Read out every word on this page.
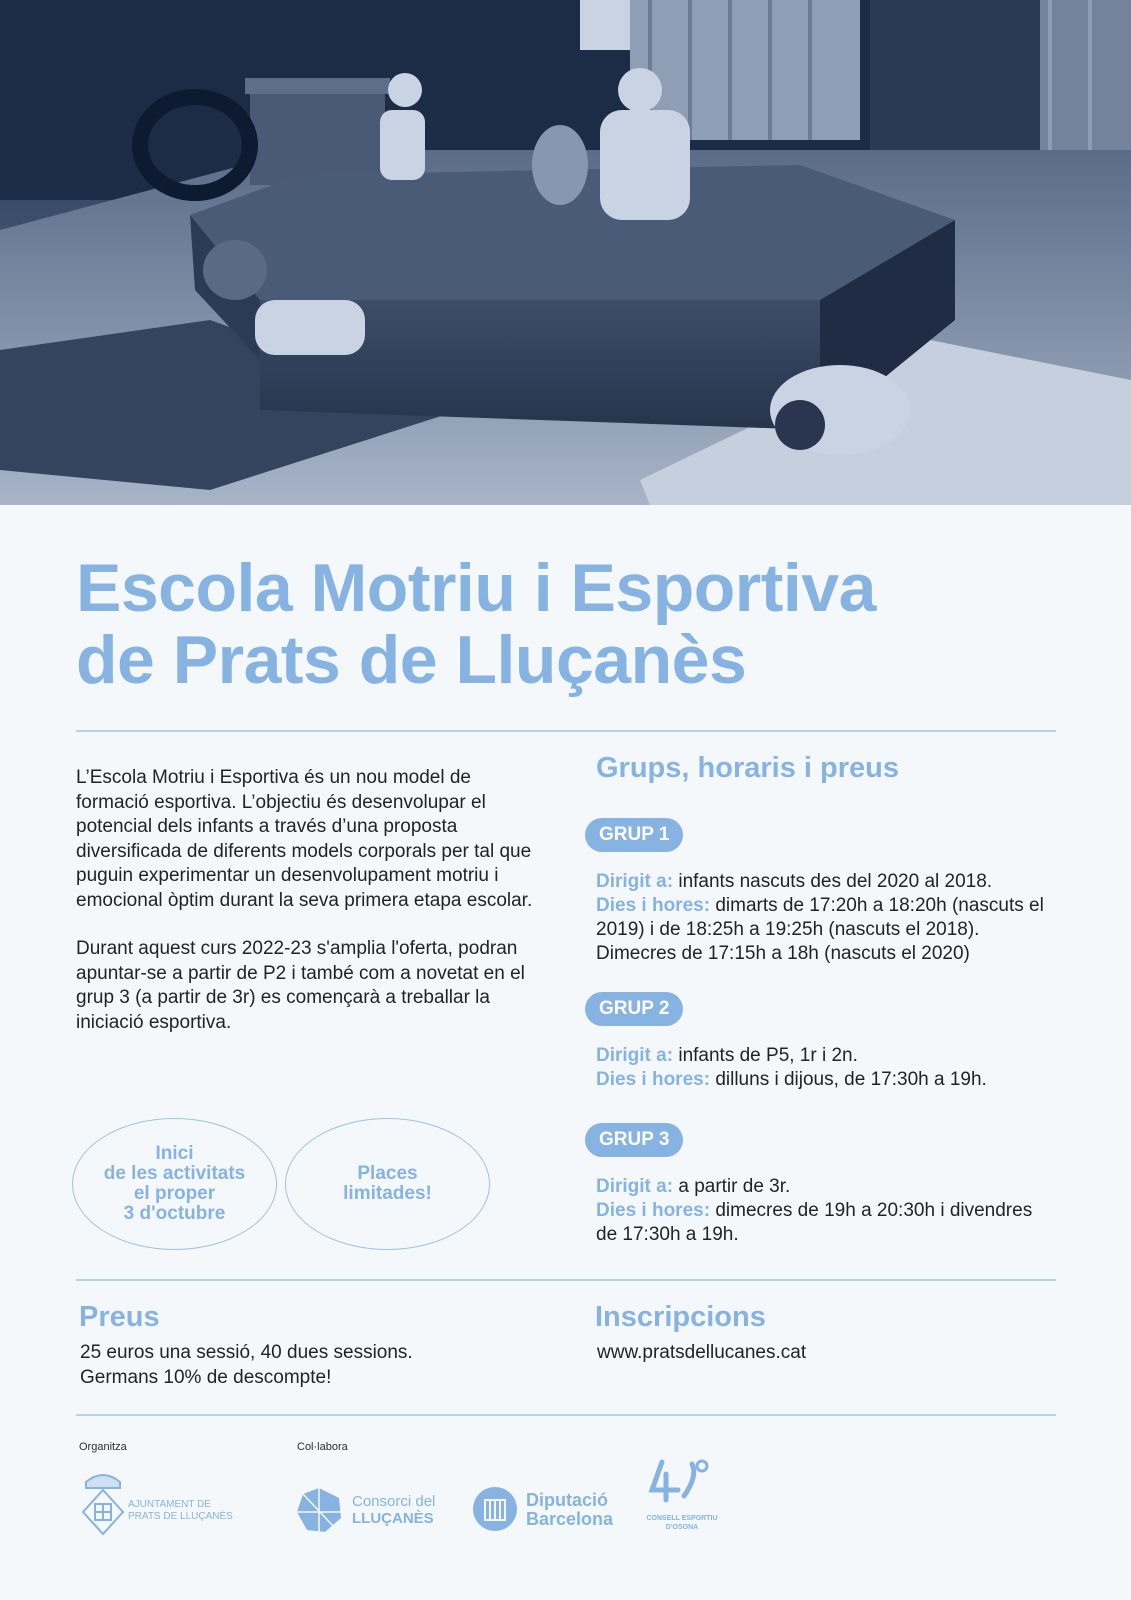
Escola Motriu i Esportiva
de Prats de Lluçanès

L’Escola Motriu i Esportiva és un nou model de formació esportiva. L’objectiu és desenvolupar el potencial dels infants a través d’una proposta diversificada de diferents models corporals per tal que puguin experimentar un desenvolupament motriu i emocional òptim durant la seva primera etapa escolar.

Durant aquest curs 2022-23 s'amplia l'oferta, podran apuntar-se a partir de P2 i també com a novetat en el grup 3 (a partir de 3r) es començarà a treballar la iniciació esportiva.

Inici
de les activitats
el proper
3 d'octubre
Places
limitades!
Grups, horaris i preus
GRUP 1
Dirigit a: infants nascuts des del 2020 al 2018.
Dies i hores: dimarts de 17:20h a 18:20h (nascuts el 2019) i de 18:25h a 19:25h (nascuts el 2018). Dimecres de 17:15h a 18h (nascuts el 2020)
GRUP 2
Dirigit a: infants de P5, 1r i 2n.
Dies i hores: dilluns i dijous, de 17:30h a 19h.
GRUP 3
Dirigit a: a partir de 3r.
Dies i hores: dimecres de 19h a 20:30h i divendres de 17:30h a 19h.
Preus
25 euros una sessió, 40 dues sessions.
Germans 10% de descompte!
Inscripcions
www.pratsdellucanes.cat
Organitza	Col·labora
AJUNTAMENT DE
PRATS DE LLUÇANÈS
Consorci del
LLUÇANÈS
Diputació
Barcelona	CONSELL ESPORTIU
D'OSONA
